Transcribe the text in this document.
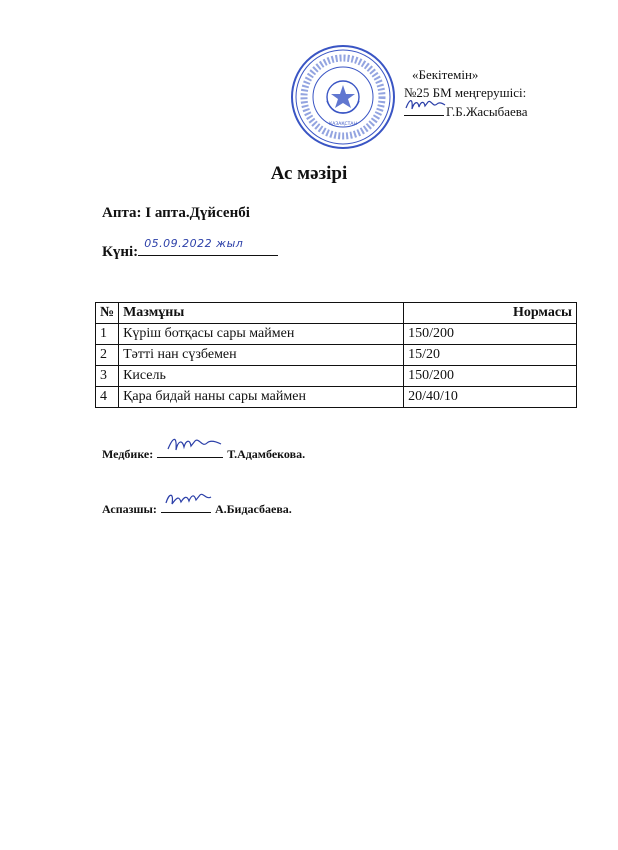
«Бекітемін»
№25 БМ меңгерушісі:
Г.Б.Жасыбаева
ҚАЗАҚСТАН
Ас мәзірі
Апта: І апта.Дүйсенбі
Күні:
05.09.2022 жыл
№	Мазмұны	Нормасы
1	Күріш ботқасы сары маймен	150/200
2	Тәтті нан сүзбемен	15/20
3	Кисель	150/200
4	Қара бидай наны сары маймен	20/40/10
Медбике:	Т.Адамбекова.
Аспазшы:	А.Бидасбаева.
